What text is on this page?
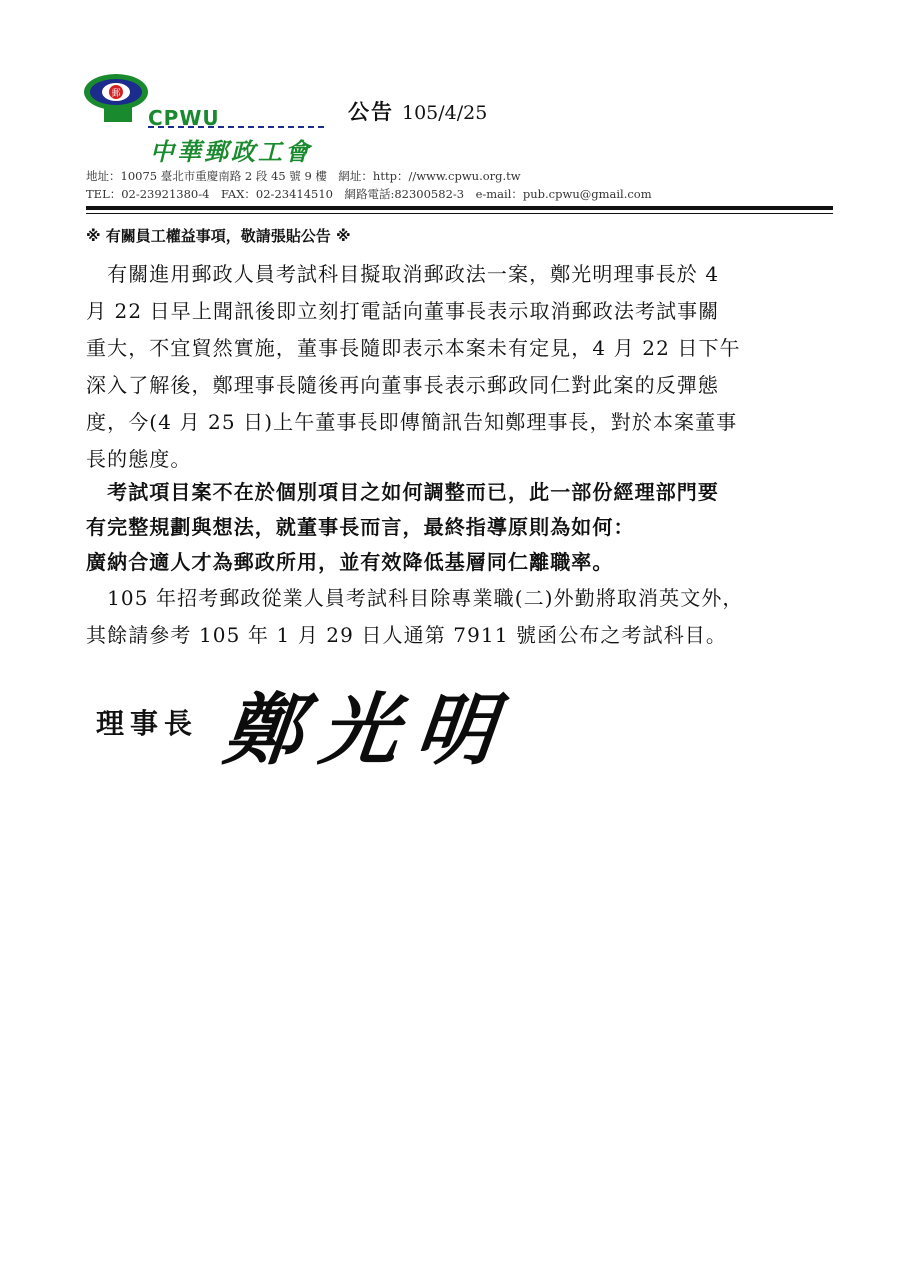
郵
CPWU
中華郵政工會
公告 105/4/25
地址：10075 臺北市重慶南路 2 段 45 號 9 樓　網址：http：//www.cpwu.org.tw
TEL：02-23921380-4　FAX：02-23414510　網路電話:82300582-3　e-mail：pub.cpwu@gmail.com
※ 有關員工權益事項，敬請張貼公告 ※
　有關進用郵政人員考試科目擬取消郵政法一案，鄭光明理事長於 4
月 22 日早上聞訊後即立刻打電話向董事長表示取消郵政法考試事關
重大，不宜貿然實施，董事長隨即表示本案未有定見，4 月 22 日下午
深入了解後，鄭理事長隨後再向董事長表示郵政同仁對此案的反彈態
度，今(4 月 25 日)上午董事長即傳簡訊告知鄭理事長，對於本案董事
長的態度。
　考試項目案不在於個別項目之如何調整而已，此一部份經理部門要
有完整規劃與想法，就董事長而言，最終指導原則為如何：
廣納合適人才為郵政所用，並有效降低基層同仁離職率。
　105 年招考郵政從業人員考試科目除專業職(二)外勤將取消英文外，
其餘請參考 105 年 1 月 29 日人通第 7911 號函公布之考試科目。
理事長 鄭光明
